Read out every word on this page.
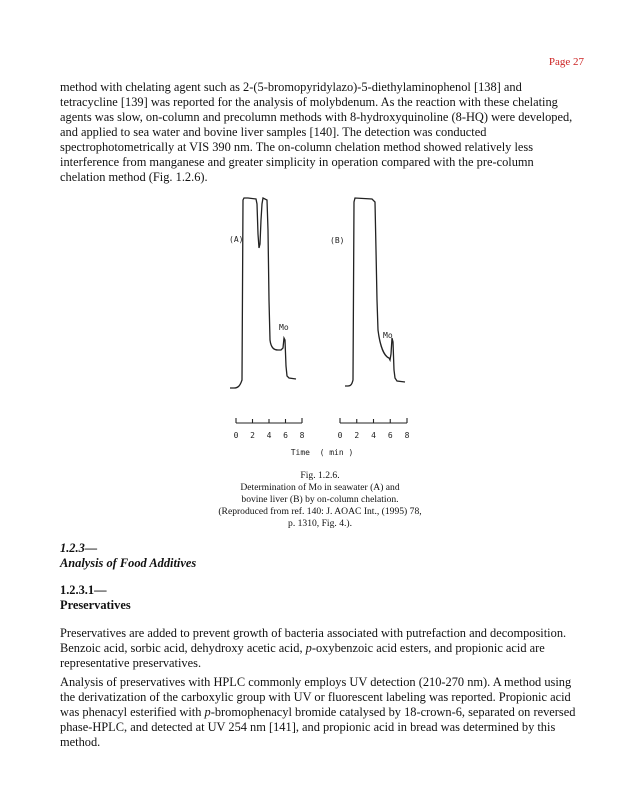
Page 27
method with chelating agent such as 2-(5-bromopyridylazo)-5-diethylaminophenol [138] and
tetracycline [139] was reported for the analysis of molybdenum. As the reaction with these chelating
agents was slow, on-column and precolumn methods with 8-hydroxyquinoline (8-HQ) were developed,
and applied to sea water and bovine liver samples [140]. The detection was conducted
spectrophotometrically at VIS 390 nm. The on-column chelation method showed relatively less
interference from manganese and greater simplicity in operation compared with the pre-column
chelation method (Fig. 1.2.6).
(A)	(B)
Mo
Mo
0 2 4 6 8	0 2 4 6 8
Time  ( min )
Fig. 1.2.6.
Determination of Mo in seawater (A) and
bovine liver (B) by on-column chelation.
(Reproduced from ref. 140: J. AOAC Int., (1995) 78,
p. 1310, Fig. 4.).
1.2.3—
Analysis of Food Additives
1.2.3.1—
Preservatives
Preservatives are added to prevent growth of bacteria associated with putrefaction and decomposition.
Benzoic acid, sorbic acid, dehydroxy acetic acid, p-oxybenzoic acid esters, and propionic acid are
representative preservatives.
Analysis of preservatives with HPLC commonly employs UV detection (210-270 nm). A method using
the derivatization of the carboxylic group with UV or fluorescent labeling was reported. Propionic acid
was phenacyl esterified with p-bromophenacyl bromide catalysed by 18-crown-6, separated on reversed
phase-HPLC, and detected at UV 254 nm [141], and propionic acid in bread was determined by this
method.
